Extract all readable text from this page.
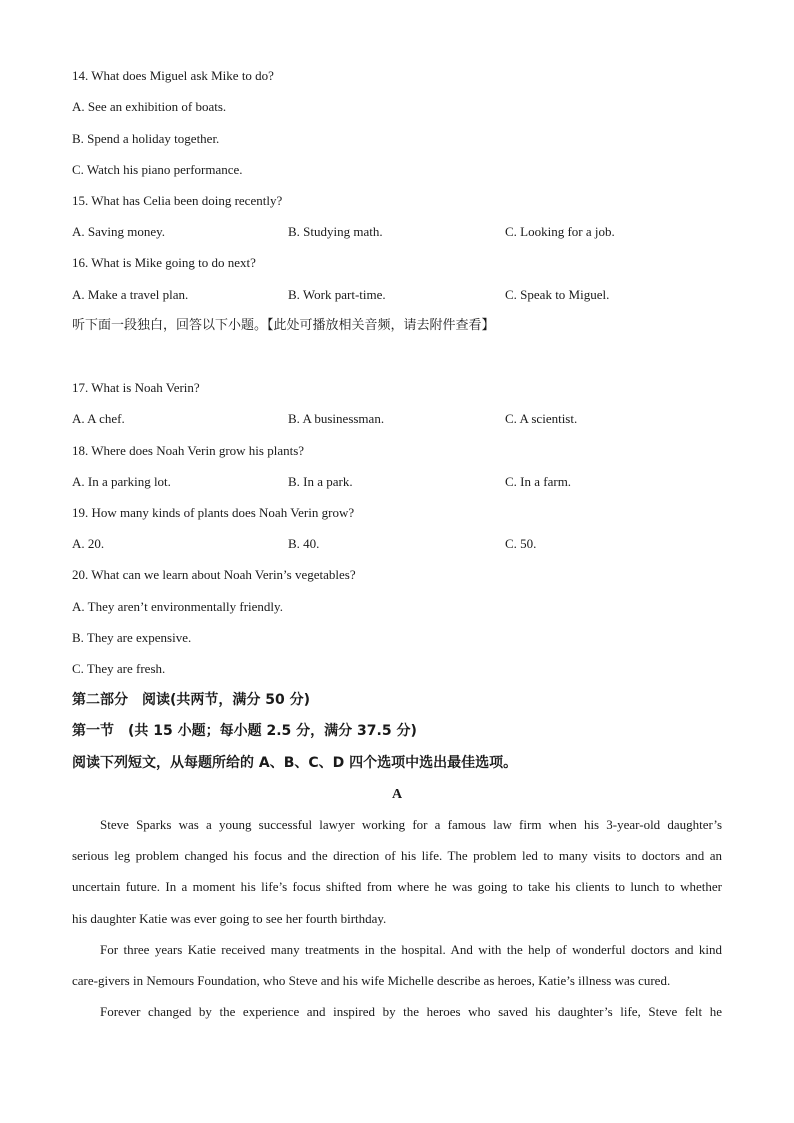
14. What does Miguel ask Mike to do?
A. See an exhibition of boats.
B. Spend a holiday together.
C. Watch his piano performance.
15. What has Celia been doing recently?
A. Saving money.	B. Studying math.	C. Looking for a job.
16. What is Mike going to do next?
A. Make a travel plan.	B. Work part-time.	C. Speak to Miguel.
听下面一段独白，回答以下小题。【此处可播放相关音频，请去附件查看】
17. What is Noah Verin?
A. A chef.	B. A businessman.	C. A scientist.
18. Where does Noah Verin grow his plants?
A. In a parking lot.	B. In a park.	C. In a farm.
19. How many kinds of plants does Noah Verin grow?
A. 20.	B. 40.	C. 50.
20. What can we learn about Noah Verin’s vegetables?
A. They aren’t environmentally friendly.
B. They are expensive.
C. They are fresh.
第二部分　阅读(共两节，满分 50 分)
第一节　(共 15 小题；每小题 2.5 分，满分 37.5 分)
阅读下列短文，从每题所给的 A、B、C、D 四个选项中选出最佳选项。
A
Steve Sparks was a young successful lawyer working for a famous law firm when his 3-year-old daughter’s
serious leg problem changed his focus and the direction of his life. The problem led to many visits to doctors and an
uncertain future. In a moment his life’s focus shifted from where he was going to take his clients to lunch to whether
his daughter Katie was ever going to see her fourth birthday.
For three years Katie received many treatments in the hospital. And with the help of wonderful doctors and kind
care-givers in Nemours Foundation, who Steve and his wife Michelle describe as heroes, Katie’s illness was cured.
Forever changed by the experience and inspired by the heroes who saved his daughter’s life, Steve felt he
